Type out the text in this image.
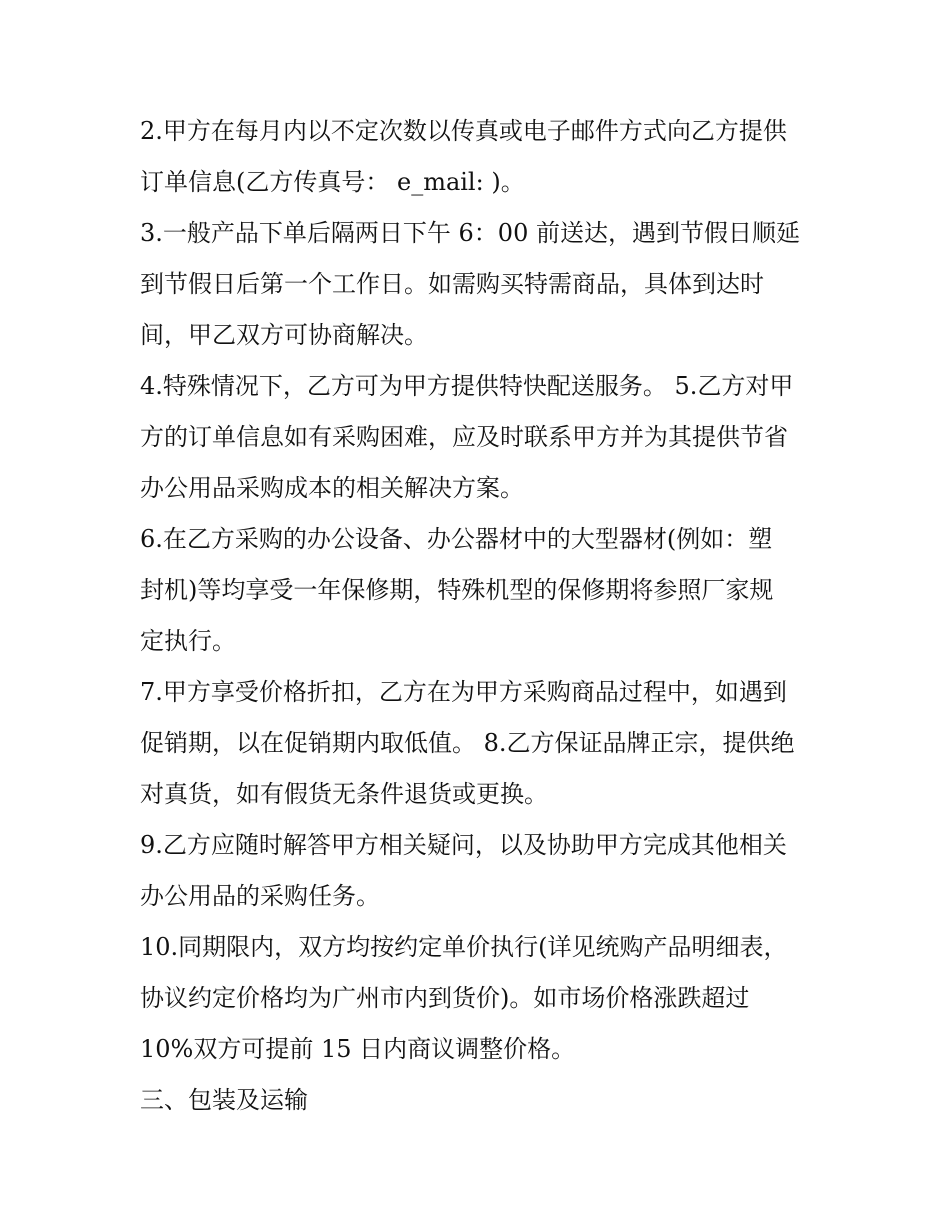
2.甲方在每月内以不定次数以传真或电子邮件方式向乙方提供
订单信息(乙方传真号： e_mail: )。
3.一般产品下单后隔两日下午 6：00 前送达，遇到节假日顺延
到节假日后第一个工作日。如需购买特需商品，具体到达时
间，甲乙双方可协商解决。
4.特殊情况下，乙方可为甲方提供特快配送服务。 5.乙方对甲
方的订单信息如有采购困难，应及时联系甲方并为其提供节省
办公用品采购成本的相关解决方案。
6.在乙方采购的办公设备、办公器材中的大型器材(例如：塑
封机)等均享受一年保修期，特殊机型的保修期将参照厂家规
定执行。
7.甲方享受价格折扣，乙方在为甲方采购商品过程中，如遇到
促销期，以在促销期内取低值。 8.乙方保证品牌正宗，提供绝
对真货，如有假货无条件退货或更换。
9.乙方应随时解答甲方相关疑问，以及协助甲方完成其他相关
办公用品的采购任务。
10.同期限内，双方均按约定单价执行(详见统购产品明细表，
协议约定价格均为广州市内到货价)。如市场价格涨跌超过
10%双方可提前 15 日内商议调整价格。
三、包装及运输
